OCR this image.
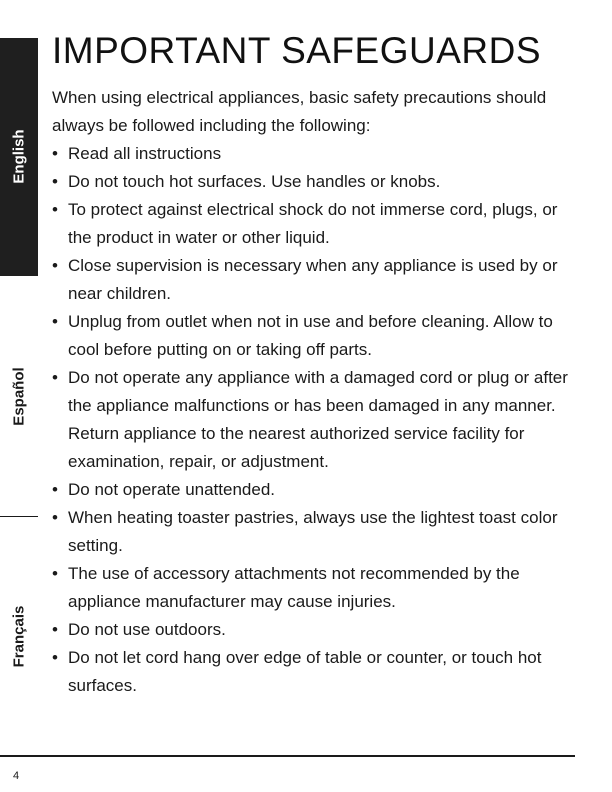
English
Español
Français
IMPORTANT SAFEGUARDS

When using electrical appliances, basic safety precautions should always be followed including the following:

• Read all instructions
• Do not touch hot surfaces. Use handles or knobs.
• To protect against electrical shock do not immerse cord, plugs, or the product in water or other liquid.
• Close supervision is necessary when any appliance is used by or near children.
• Unplug from outlet when not in use and before cleaning. Allow to cool before putting on or taking off parts.
• Do not operate any appliance with a damaged cord or plug or after the appliance malfunctions or has been damaged in any manner. Return appliance to the nearest authorized service facility for examination, repair, or adjustment.
• Do not operate unattended.
• When heating toaster pastries, always use the lightest toast color setting.
• The use of accessory attachments not recommended by the appliance manufacturer may cause injuries.
• Do not use outdoors.
• Do not let cord hang over edge of table or counter, or touch hot surfaces.
4
